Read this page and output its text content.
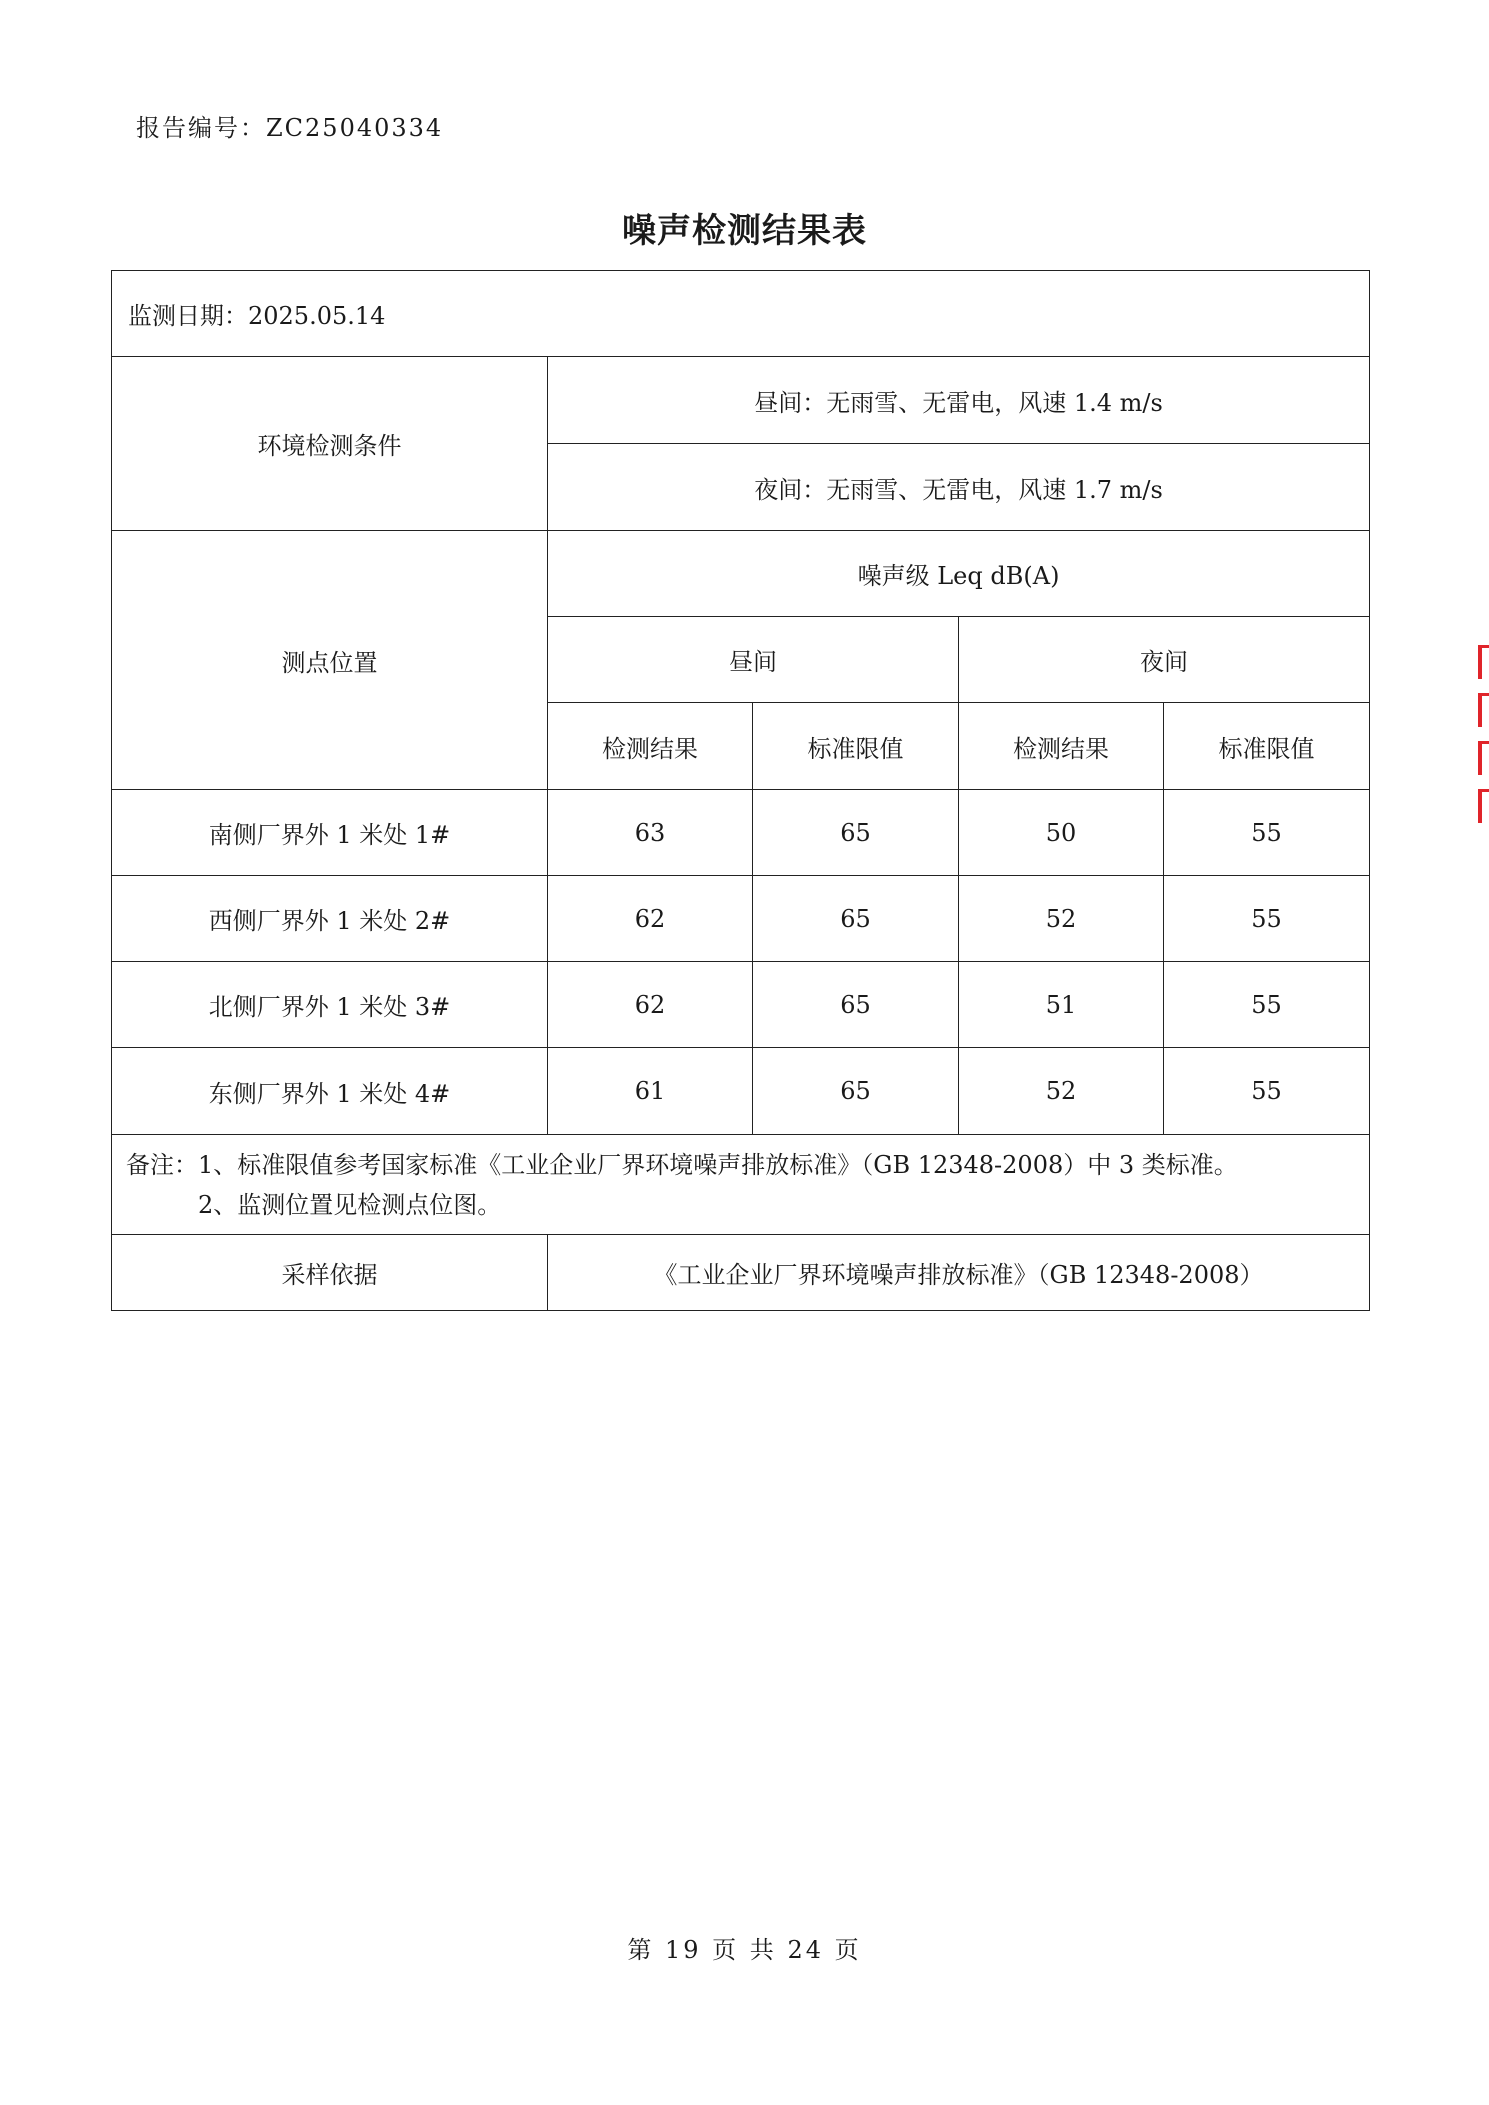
报告编号：ZC25040334
噪声检测结果表
监测日期：2025.05.14				
环境检测条件	昼间：无雨雪、无雷电，风速 1.4 m/s			
	夜间：无雨雪、无雷电，风速 1.7 m/s			
测点位置	噪声级 Leq dB(A)			
	昼间		夜间	
	检测结果	标准限值	检测结果	标准限值
南侧厂界外 1 米处 1#	63	65	50	55
西侧厂界外 1 米处 2#	62	65	52	55
北侧厂界外 1 米处 3#	62	65	51	55
东侧厂界外 1 米处 4#	61	65	52	55

备注：1、标准限值参考国家标准《工业企业厂界环境噪声排放标准》（GB 12348-2008）中 3 类标准。
2、监测位置见检测点位图。				

采样依据	《工业企业厂界环境噪声排放标准》（GB 12348-2008）			
第 19 页 共 24 页
